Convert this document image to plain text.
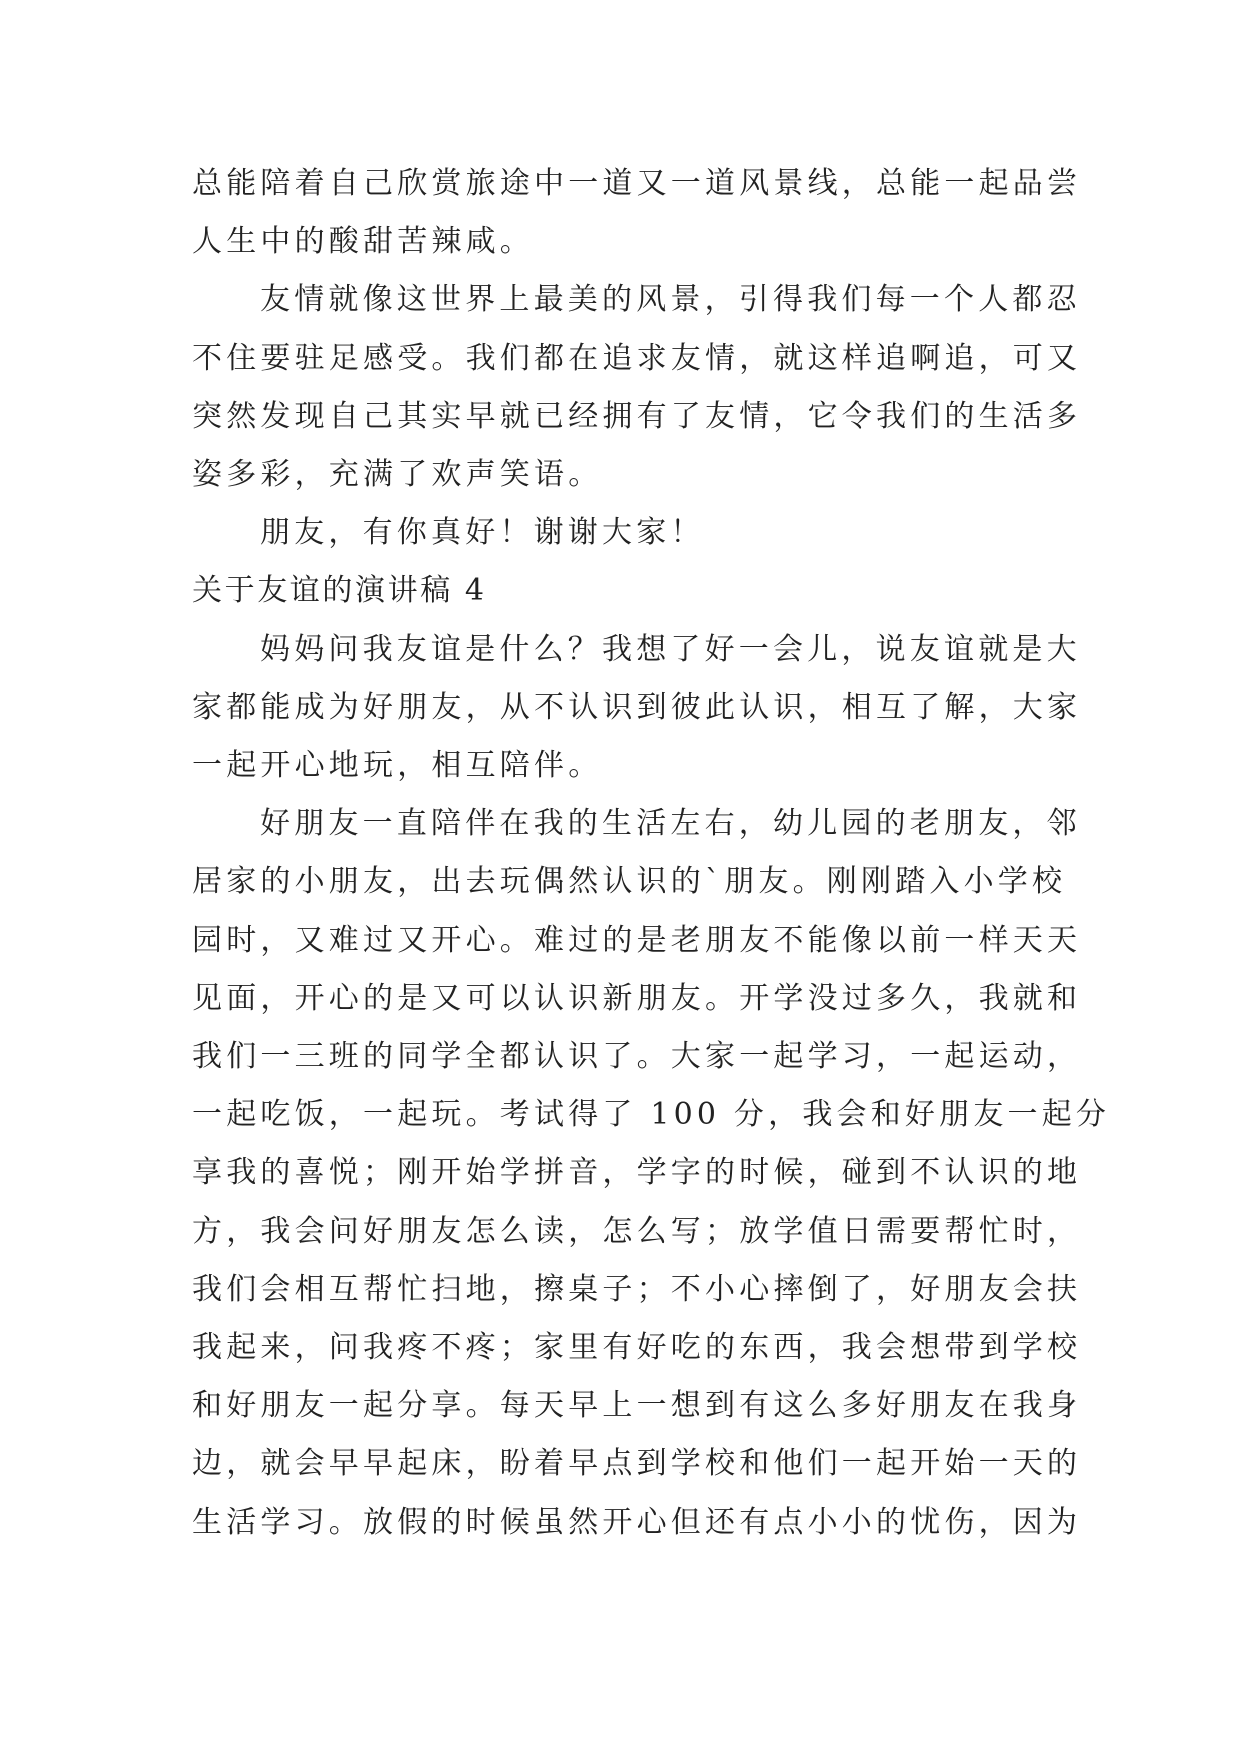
总能陪着自己欣赏旅途中一道又一道风景线，总能一起品尝
人生中的酸甜苦辣咸。

友情就像这世界上最美的风景，引得我们每一个人都忍
不住要驻足感受。我们都在追求友情，就这样追啊追，可又
突然发现自己其实早就已经拥有了友情，它令我们的生活多
姿多彩，充满了欢声笑语。

朋友，有你真好！谢谢大家！

关于友谊的演讲稿 4

妈妈问我友谊是什么？我想了好一会儿，说友谊就是大
家都能成为好朋友，从不认识到彼此认识，相互了解，大家
一起开心地玩，相互陪伴。

好朋友一直陪伴在我的生活左右，幼儿园的老朋友，邻
居家的小朋友，出去玩偶然认识的`朋友。刚刚踏入小学校
园时，又难过又开心。难过的是老朋友不能像以前一样天天
见面，开心的是又可以认识新朋友。开学没过多久，我就和
我们一三班的同学全都认识了。大家一起学习，一起运动，
一起吃饭，一起玩。考试得了 100 分，我会和好朋友一起分
享我的喜悦；刚开始学拼音，学字的时候，碰到不认识的地
方，我会问好朋友怎么读，怎么写；放学值日需要帮忙时，
我们会相互帮忙扫地，擦桌子；不小心摔倒了，好朋友会扶
我起来，问我疼不疼；家里有好吃的东西，我会想带到学校
和好朋友一起分享。每天早上一想到有这么多好朋友在我身
边，就会早早起床，盼着早点到学校和他们一起开始一天的
生活学习。放假的时候虽然开心但还有点小小的忧伤，因为
